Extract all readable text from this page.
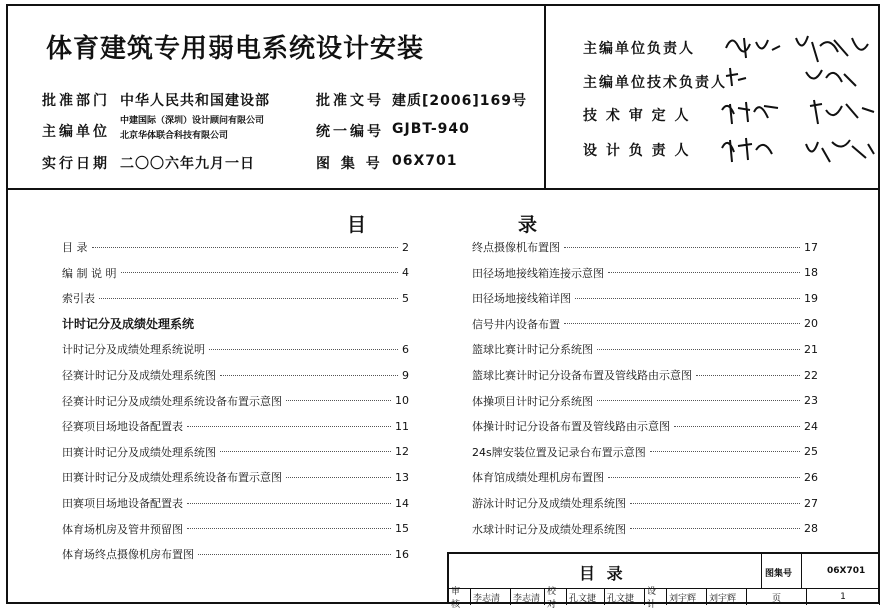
体育建筑专用弱电系统设计安装
批准部门 中华人民共和国建设部	批准文号 建质[2006]169号
主编单位
中建国际（深圳）设计顾问有限公司
北京华体联合科技有限公司	统一编号 GJBT-940
实行日期 二〇〇六年九月一日	图 集 号 06X701
主编单位负责人
主编单位技术负责人
技 术 审 定 人
设 计 负 责 人
目	录
目 录	2
编 制 说 明	4
索引表	5
计时记分及成绩处理系统
计时记分及成绩处理系统说明	6
径赛计时记分及成绩处理系统图	9
径赛计时记分及成绩处理系统设备布置示意图	10
径赛项目场地设备配置表	11
田赛计时记分及成绩处理系统图	12
田赛计时记分及成绩处理系统设备布置示意图	13
田赛项目场地设备配置表	14
体育场机房及管井预留图	15
体育场终点摄像机房布置图	16
终点摄像机布置图	17
田径场地接线箱连接示意图	18
田径场地接线箱详图	19
信号井内设备布置	20
篮球比赛计时记分系统图	21
篮球比赛计时记分设备布置及管线路由示意图	22
体操项目计时记分系统图	23
体操计时记分设备布置及管线路由示意图	24
24s牌安装位置及记录台布置示意图	25
体育馆成绩处理机房布置图	26
游泳计时记分及成绩处理系统图	27
水球计时记分及成绩处理系统图	28
目 录	图集号	06X701
审核
李志清	李志清
校对
孔文捷	孔文捷
设计
刘宇辉	刘宇辉	页	1
